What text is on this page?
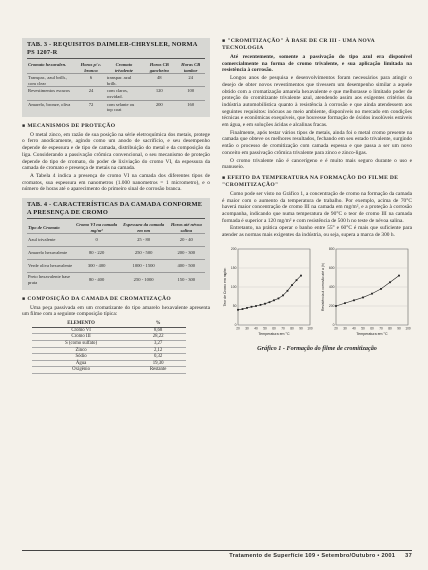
TAB. 3 - REQUISITOS DAIMLER-CHRYSLER, NORMA PS 1207-R
Cromato hexavalen.	Horas p/ c. branca	Cromato trivalente	Horas CB gancheira	Horas CB tambor
Transpar., azul brilh., com clear	6	transpar. azul brilh.	48	24
Revestimentos escuros	24	com claros, oxvidad.	120	100
Amarelo, bronze, oliva	72	com selante ou top coat	200	160
■ MECANISMOS DE PROTEÇÃO

O metal zinco, em razão de sua posição na série eletroquímica dos metais, protege o ferro anodicamente, agindo como um anodo de sacrifício, e seu desempenho depende de espessura e de tipo de camada, distribuição do metal e da composição da liga. Considerando a passivação crômica convencional, o seu mecanismo de proteção depende do tipo de cromato, do poder de lixiviação do cromo VI, da espessura da camada de cromato e presença de metais na camada.

A Tabela 4 indica a presença de cromo VI na camada dos diferentes tipos de cromatos, sua espessura em nanometros (1.000 nanometros = 1 micrometro), e o número de horas até o aparecimento do primeiro sinal de corrosão branca.

TAB. 4 - CARACTERÍSTICAS DA CAMADA CONFORME A PRESENÇA DE CROMO
Tipo de Cromato	Cromo VI na camada mg/m²	Espessura da camada em nm	Horas até névoa salina
Azul trivalente	0	25 - 80	20 - 40
Amarelo hexavalente	80 - 220	250 - 500	200 - 300
Verde oliva hexavalente	300 - 400	1000 - 1500	400 - 500
Preto hexavalente base prata	80 - 400	250 - 1000	150 - 300
■ COMPOSIÇÃO DA CAMADA DE CROMATIZAÇÃO

Uma peça passivada em um cromatizante do tipo amarelo hexavalente apresenta um filme com a seguinte composição típica:

ELEMENTO	%
Cromo VI	8,68
Cromo III	28,22
S (como sulfato)	3,27
Zinco	2,12
Sódio	0,32
Água	19,30
Oxigênio	Restante
■ "CROMITIZAÇÃO" À BASE DE CR III - UMA NOVA TECNOLOGIA

Até recentemente, somente a passivação do tipo azul era disponível comercialmente na forma de cromo trivalente, e sua aplicação limitada na resistência à corrosão.

Longos anos de pesquisa e desenvolvimentos foram necessários para atingir o desejo de obter novos revestimentos que tivessem um desempenho similar a aquele obtido com a cromatização amarela hexavalente e que melhorasse o limitado poder de proteção do cromitizante trivalente azul, atendendo assim aos exigentes critérios da indústria automobilística quanto à resistência à corrosão e que ainda atendessem aos seguintes requisitos: inócuos ao meio ambiente, disponíveis no mercado em condições técnicas e econômicas exequíveis, que houvesse formação de óxidos insolúveis estáveis em água, e em soluções ácidas e alcalinas fracas.

Finalmente, após testar vários tipos de metais, ainda foi o metal cromo presente na camada que obteve os melhores resultados, fechando em seu estado trivalente, surgindo então o processo de cromitização com camada espessa e que passa a ser um novo conceito em passivação crômica trivalente para zinco e zinco-ligas.

O cromo trivalente não é cancerígeno e é muito mais seguro durante o uso e manuseio.

■ EFEITO DA TEMPERATURA NA FORMAÇÃO DO FILME DE "CROMITIZAÇÃO"

Como pode ser visto no Gráfico 1, a concentração de cromo na formação da camada é maior com o aumento da temperatura de trabalho. Por exemplo, acima de 70°C haverá maior concentração de cromo III na camada em mg/m², e a proteção à corrosão acompanha, indicando que numa temperatura de 90°C o teor de cromo III na camada formada é superior a 120 mg/m² e com resistência de 500 h no teste de névoa salina.

Entretanto, na prática operar o banho entre 55° e 60°C é mais que suficiente para atender as normas mais exigentes da indústria, ou seja, supera a marca de 300 h.

0
50
100
150
200
20 30 40 50 60 70 80 90 100
Temperatura em °C
Teor de Cromo em mg/m²
0
200
400
600
800
20 30 40 50 60 70 80 90 100
Temperatura em °C
Resistência à corrosão até a (h)
Gráfico 1 - Formação do filme de cromitização
Tratamento de Superfície 109 • Setembro/Outubro • 2001 37
